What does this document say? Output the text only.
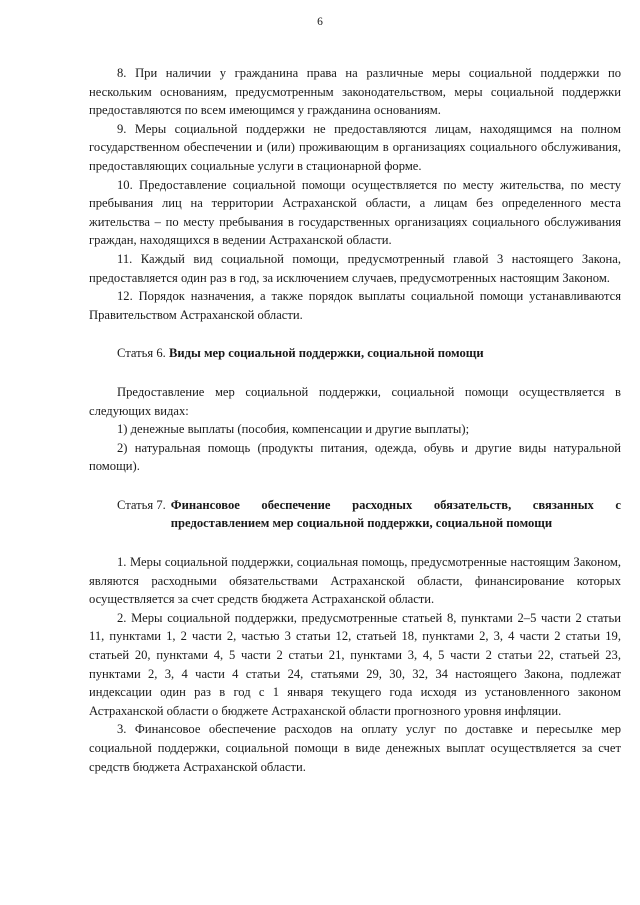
6

8. При наличии у гражданина права на различные меры социальной поддержки по нескольким основаниям, предусмотренным законодательством, меры социальной поддержки предоставляются по всем имеющимся у гражданина основаниям.

9. Меры социальной поддержки не предоставляются лицам, находящимся на полном государственном обеспечении и (или) проживающим в организациях социального обслуживания, предоставляющих социальные услуги в стационарной форме.

10. Предоставление социальной помощи осуществляется по месту жительства, по месту пребывания лиц на территории Астраханской области, а лицам без определенного места жительства – по месту пребывания в государственных организациях социального обслуживания граждан, находящихся в ведении Астраханской области.

11. Каждый вид социальной помощи, предусмотренный главой 3 настоящего Закона, предоставляется один раз в год, за исключением случаев, предусмотренных настоящим Законом.

12. Порядок назначения, а также порядок выплаты социальной помощи устанавливаются Правительством Астраханской области.

Статья 6. Виды мер социальной поддержки, социальной помощи

Предоставление мер социальной поддержки, социальной помощи осуществляется в следующих видах:

1) денежные выплаты (пособия, компенсации и другие выплаты);

2) натуральная помощь (продукты питания, одежда, обувь и другие виды натуральной помощи).

Статья 7. Финансовое обеспечение расходных обязательств, связанных с предоставлением мер социальной поддержки, социальной помощи

1. Меры социальной поддержки, социальная помощь, предусмотренные настоящим Законом, являются расходными обязательствами Астраханской области, финансирование которых осуществляется за счет средств бюджета Астраханской области.

2. Меры социальной поддержки, предусмотренные статьей 8, пунктами 2–5 части 2 статьи 11, пунктами 1, 2 части 2, частью 3 статьи 12, статьей 18, пунктами 2, 3, 4 части 2 статьи 19, статьей 20, пунктами 4, 5 части 2 статьи 21, пунктами 3, 4, 5 части 2 статьи 22, статьей 23, пунктами 2, 3, 4 части 4 статьи 24, статьями 29, 30, 32, 34 настоящего Закона, подлежат индексации один раз в год с 1 января текущего года исходя из установленного законом Астраханской области о бюджете Астраханской области прогнозного уровня инфляции.

3. Финансовое обеспечение расходов на оплату услуг по доставке и пересылке мер социальной поддержки, социальной помощи в виде денежных выплат осуществляется за счет средств бюджета Астраханской области.
